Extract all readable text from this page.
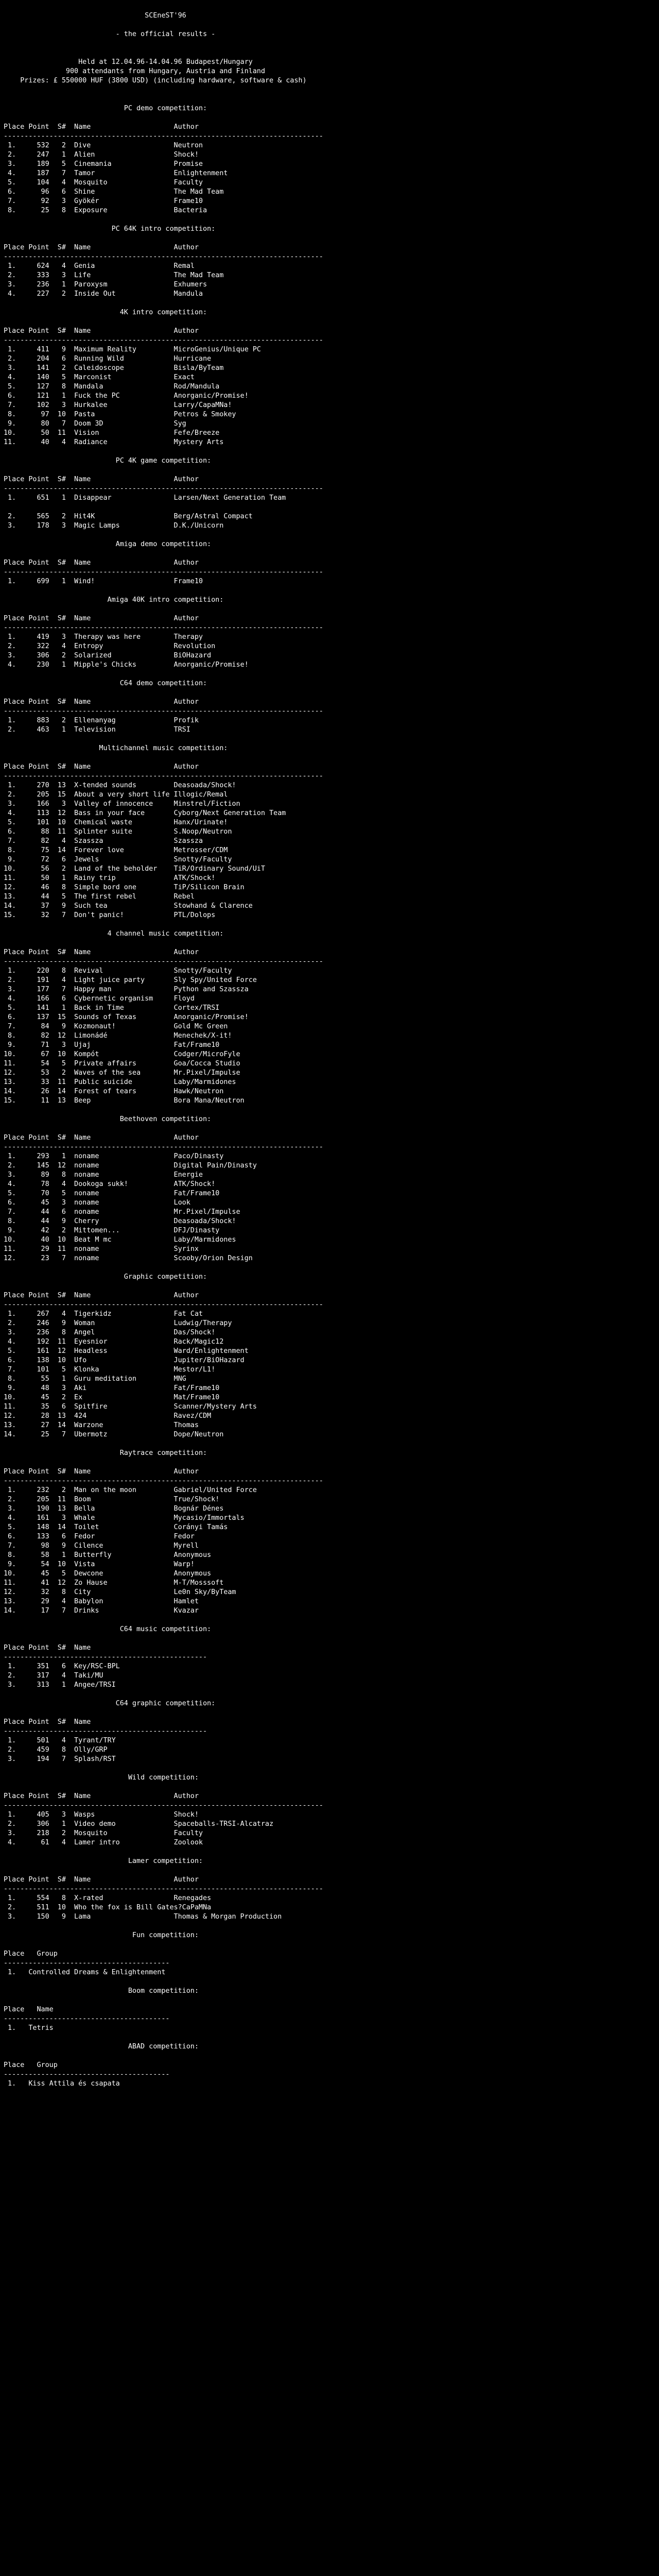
SCEneST'96

- the official results -

Held at 12.04.96-14.04.96 Budapest/Hungary
900 attendants from Hungary, Austria and Finland
Prizes: £ 550000 HUF (3800 USD) (including hardware, software & cash)

PC demo competition:

Place Point  S#  Name                    Author
-----------------------------------------------------------------------------
1.     532   2  Dive                    Neutron
2.     247   1  Alien                   Shock!
3.     189   5  Cinemania               Promise
4.     187   7  Tamor                   Enlightenment
5.     104   4  Mosquito                Faculty
6.      96   6  Shine                   The Mad Team
7.      92   3  Gyökér                  Frame10
8.      25   8  Exposure                Bacteria

PC 64K intro competition:

Place Point  S#  Name                    Author
-----------------------------------------------------------------------------
1.     624   4  Genia                   Remal
2.     333   3  Life                    The Mad Team
3.     236   1  Paroxysm                Exhumers
4.     227   2  Inside Out              Mandula

4K intro competition:

Place Point  S#  Name                    Author
-----------------------------------------------------------------------------
1.     411   9  Maximum Reality         MicroGenius/Unique PC
2.     204   6  Running Wild            Hurricane
3.     141   2  Caleidoscope            Bisla/ByTeam
4.     140   5  Marconist               Exact
5.     127   8  Mandala                 Rod/Mandula
6.     121   1  Fuck the PC             Anorganic/Promise!
7.     102   3  Hurkalee                Larry/CapaMNa!
8.      97  10  Pasta                   Petros & Smokey
9.      80   7  Doom 3D                 Syg
10.      50  11  Vision                  Fefe/Breeze
11.      40   4  Radiance                Mystery Arts

PC 4K game competition:

Place Point  S#  Name                    Author
-----------------------------------------------------------------------------
1.     651   1  Disappear               Larsen/Next Generation Team

2.     565   2  Hit4K                   Berg/Astral Compact
3.     178   3  Magic Lamps             D.K./Unicorn

Amiga demo competition:

Place Point  S#  Name                    Author
-----------------------------------------------------------------------------
1.     699   1  Wind!                   Frame10

Amiga 40K intro competition:

Place Point  S#  Name                    Author
-----------------------------------------------------------------------------
1.     419   3  Therapy was here        Therapy
2.     322   4  Entropy                 Revolution
3.     306   2  Solarized               BiOHazard
4.     230   1  Mipple's Chicks         Anorganic/Promise!

C64 demo competition:

Place Point  S#  Name                    Author
-----------------------------------------------------------------------------
1.     883   2  Ellenanyag              Profik
2.     463   1  Television              TRSI

Multichannel music competition:

Place Point  S#  Name                    Author
-----------------------------------------------------------------------------
1.     270  13  X-tended sounds         Deasoada/Shock!
2.     205  15  About a very short life Illogic/Remal
3.     166   3  Valley of innocence     Minstrel/Fiction
4.     113  12  Bass in your face       Cyborg/Next Generation Team
5.     101  10  Chemical waste          Hanx/Urinate!
6.      88  11  Splinter suite          S.Noop/Neutron
7.      82   4  Szassza                 Szassza
8.      75  14  Forever love            Metrosser/CDM
9.      72   6  Jewels                  Snotty/Faculty
10.      56   2  Land of the beholder    TiR/Ordinary Sound/UiT
11.      50   1  Rainy trip              ATK/Shock!
12.      46   8  Simple bord one         TiP/Silicon Brain
13.      44   5  The first rebel         Rebel
14.      37   9  Such tea                Stowhand & Clarence
15.      32   7  Don't panic!            PTL/Dolops

4 channel music competition:

Place Point  S#  Name                    Author
-----------------------------------------------------------------------------
1.     220   8  Revival                 Snotty/Faculty
2.     191   4  Light juice party       Sly Spy/United Force
3.     177   7  Happy man               Python and Szassza
4.     166   6  Cybernetic organism     Floyd
5.     141   1  Back in Time            Cortex/TRSI
6.     137  15  Sounds of Texas         Anorganic/Promise!
7.      84   9  Kozmonaut!              Gold Mc Green
8.      82  12  Limonádé                Menechek/X-it!
9.      71   3  Ujaj                    Fat/Frame10
10.      67  10  Kompót                  Codger/MicroFyle
11.      54   5  Private affairs         Goa/Cocca Studio
12.      53   2  Waves of the sea        Mr.Pixel/Impulse
13.      33  11  Public suicide          Laby/Marmidones
14.      26  14  Forest of tears         Hawk/Neutron
15.      11  13  Beep                    Bora Mana/Neutron

Beethoven competition:

Place Point  S#  Name                    Author
-----------------------------------------------------------------------------
1.     293   1  noname                  Paco/Dinasty
2.     145  12  noname                  Digital Pain/Dinasty
3.      89   8  noname                  Energie
4.      78   4  Dookoga sukk!           ATK/Shock!
5.      70   5  noname                  Fat/Frame10
6.      45   3  noname                  Look
7.      44   6  noname                  Mr.Pixel/Impulse
8.      44   9  Cherry                  Deasoada/Shock!
9.      42   2  Mittomen...             DFJ/Dinasty
10.      40  10  Beat M mc               Laby/Marmidones
11.      29  11  noname                  Syrinx
12.      23   7  noname                  Scooby/Orion Design

Graphic competition:

Place Point  S#  Name                    Author
-----------------------------------------------------------------------------
1.     267   4  Tigerkidz               Fat Cat
2.     246   9  Woman                   Ludwig/Therapy
3.     236   8  Angel                   Das/Shock!
4.     192  11  Eyesnior                Rack/Magic12
5.     161  12  Headless                Ward/Enlightenment
6.     138  10  Ufo                     Jupiter/BiOHazard
7.     101   5  Klonka                  Mestor/L1!
8.      55   1  Guru meditation         MNG
9.      48   3  Aki                     Fat/Frame10
10.      45   2  Ex                      Mat/Frame10
11.      35   6  Spitfire                Scanner/Mystery Arts
12.      28  13  424                     Ravez/CDM
13.      27  14  Warzone                 Thomas
14.      25   7  Ubermotz                Dope/Neutron

Raytrace competition:

Place Point  S#  Name                    Author
-----------------------------------------------------------------------------
1.     232   2  Man on the moon         Gabriel/United Force
2.     205  11  Boom                    True/Shock!
3.     190  13  Bella                   Bognár Dénes
4.     161   3  Whale                   Mycasio/Immortals
5.     148  14  Toilet                  Corányi Tamás
6.     133   6  Fedor                   Fedor
7.      98   9  Cilence                 Myrell
8.      58   1  Butterfly               Anonymous
9.      54  10  Vista                   Warp!
10.      45   5  Dewcone                 Anonymous
11.      41  12  Zo Hause                M-T/Mosssoft
12.      32   8  City                    Le0n Sky/ByTeam
13.      29   4  Babylon                 Hamlet
14.      17   7  Drinks                  Kvazar

C64 music competition:

Place Point  S#  Name
-------------------------------------------------
1.     351   6  Key/RSC-BPL
2.     317   4  Taki/MU
3.     313   1  Angee/TRSI

C64 graphic competition:

Place Point  S#  Name
-------------------------------------------------
1.     501   4  Tyrant/TRY
2.     459   8  Olly/GRP
3.     194   7  Splash/RST

Wild competition:

Place Point  S#  Name                    Author
-----------------------------------------------------------------------------
1.     405   3  Wasps                   Shock!
2.     306   1  Video demo              Spaceballs-TRSI-Alcatraz
3.     218   2  Mosquito                Faculty
4.      61   4  Lamer intro             Zoolook

Lamer competition:

Place Point  S#  Name                    Author
-----------------------------------------------------------------------------
1.     554   8  X-rated                 Renegades
2.     511  10  Who the fox is Bill Gates?CaPaMNa
3.     150   9  Lama                    Thomas & Morgan Production

Fun competition:

Place   Group
----------------------------------------
1.   Controlled Dreams & Enlightenment

Boom competition:

Place   Name
----------------------------------------
1.   Tetris

ABAD competition:

Place   Group
----------------------------------------
1.   Kiss Attila és csapata
